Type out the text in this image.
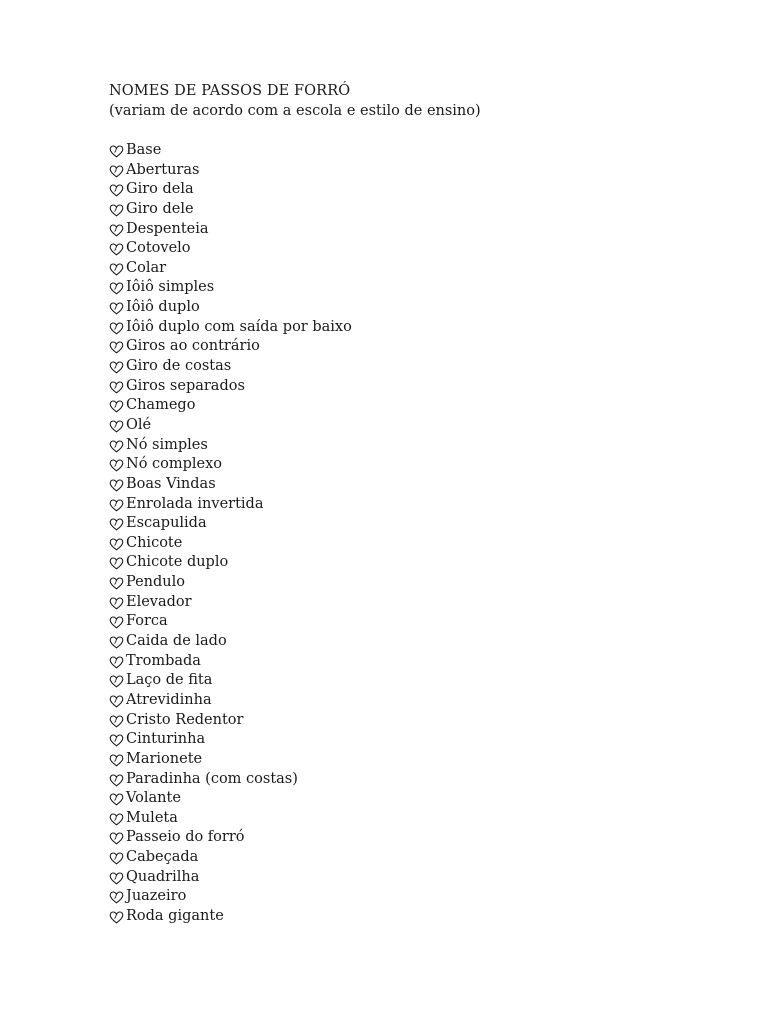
NOMES DE PASSOS DE FORRÓ

(variam de acordo com a escola e estilo de ensino)

Base
Aberturas
Giro dela
Giro dele
Despenteia
Cotovelo
Colar
Iôiô simples
Iôiô duplo
Iôiô duplo com saída por baixo
Giros ao contrário
Giro de costas
Giros separados
Chamego
Olé
Nó simples
Nó complexo
Boas Vindas
Enrolada invertida
Escapulida
Chicote
Chicote duplo
Pendulo
Elevador
Forca
Caida de lado
Trombada
Laço de fita
Atrevidinha
Cristo Redentor
Cinturinha
Marionete
Paradinha (com costas)
Volante
Muleta
Passeio do forró
Cabeçada
Quadrilha
Juazeiro
Roda gigante
